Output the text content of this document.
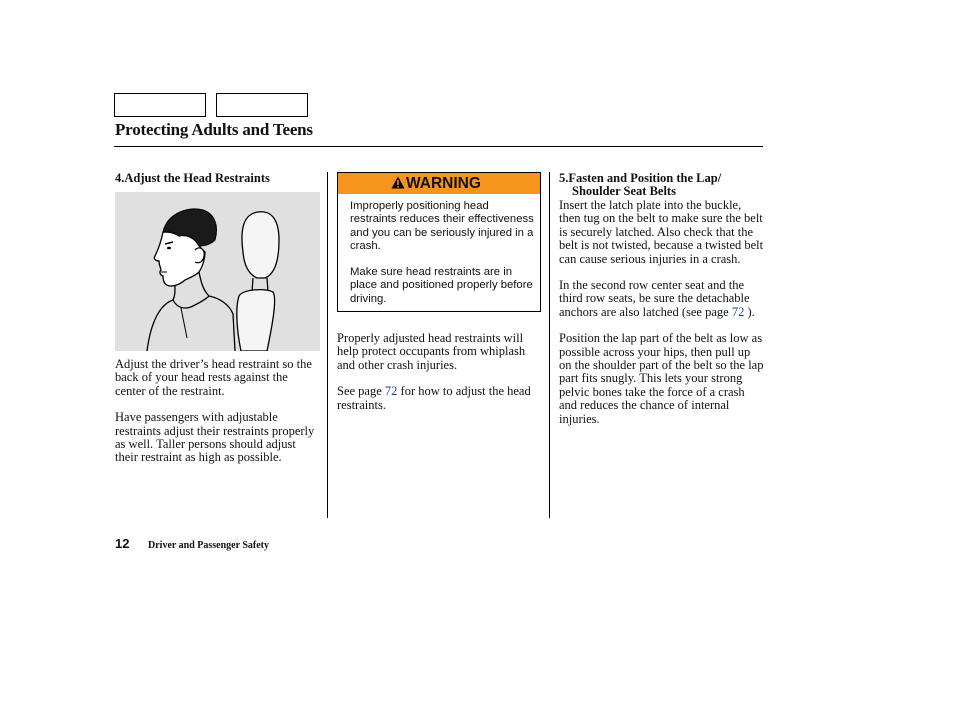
Protecting Adults and Teens
4.Adjust the Head Restraints

Adjust the driver’s head restraint so the back of your head rests against the center of the restraint.

Have passengers with adjustable restraints adjust their restraints properly as well. Taller persons should adjust their restraint as high as possible.

WARNING

Improperly positioning head restraints reduces their effectiveness and you can be seriously injured in a crash.

Make sure head restraints are in place and positioned properly before driving.

Properly adjusted head restraints will help protect occupants from whiplash and other crash injuries.

See page 72 for how to adjust the head restraints.

5.Fasten and Position the Lap/
Shoulder Seat Belts

Insert the latch plate into the buckle, then tug on the belt to make sure the belt is securely latched. Also check that the belt is not twisted, because a twisted belt can cause serious injuries in a crash.

In the second row center seat and the third row seats, be sure the detachable anchors are also latched (see page 72 ).

Position the lap part of the belt as low as possible across your hips, then pull up on the shoulder part of the belt so the lap part fits snugly. This lets your strong pelvic bones take the force of a crash and reduces the chance of internal injuries.

12 Driver and Passenger Safety
